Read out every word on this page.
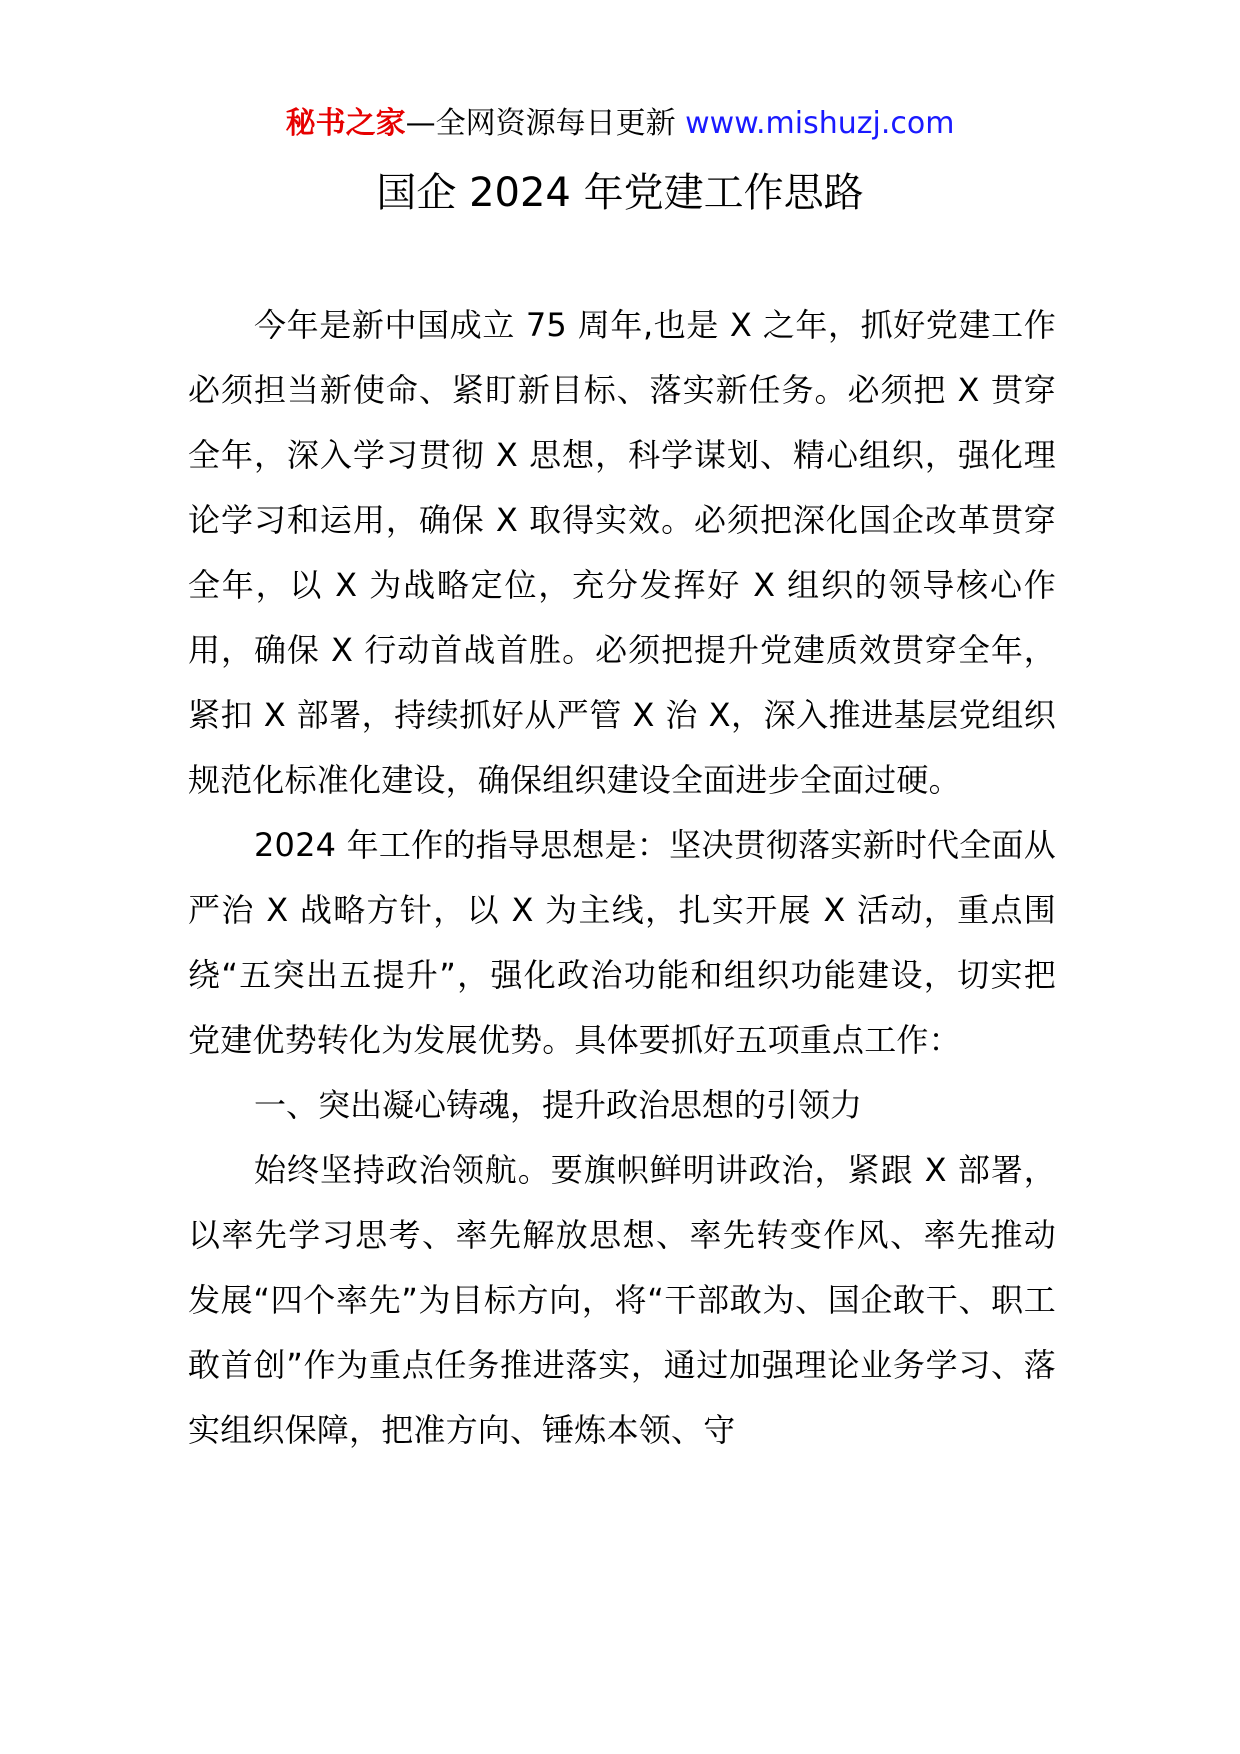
秘书之家—全网资源每日更新 www.mishuzj.com
国企 2024 年党建工作思路

今年是新中国成立 75 周年,也是 X 之年，抓好党建工作必须担当新使命、紧盯新目标、落实新任务。必须把 X 贯穿全年，深入学习贯彻 X 思想，科学谋划、精心组织，强化理论学习和运用，确保 X 取得实效。必须把深化国企改革贯穿全年，以 X 为战略定位，充分发挥好 X 组织的领导核心作用，确保 X 行动首战首胜。必须把提升党建质效贯穿全年，紧扣 X 部署，持续抓好从严管 X 治 X，深入推进基层党组织规范化标准化建设，确保组织建设全面进步全面过硬。

2024 年工作的指导思想是：坚决贯彻落实新时代全面从严治 X 战略方针，以 X 为主线，扎实开展 X 活动，重点围绕“五突出五提升”，强化政治功能和组织功能建设，切实把党建优势转化为发展优势。具体要抓好五项重点工作：

一、突出凝心铸魂，提升政治思想的引领力

始终坚持政治领航。要旗帜鲜明讲政治，紧跟 X 部署，以率先学习思考、率先解放思想、率先转变作风、率先推动发展“四个率先”为目标方向，将“干部敢为、国企敢干、职工敢首创”作为重点任务推进落实，通过加强理论业务学习、落实组织保障，把准方向、锤炼本领、守
